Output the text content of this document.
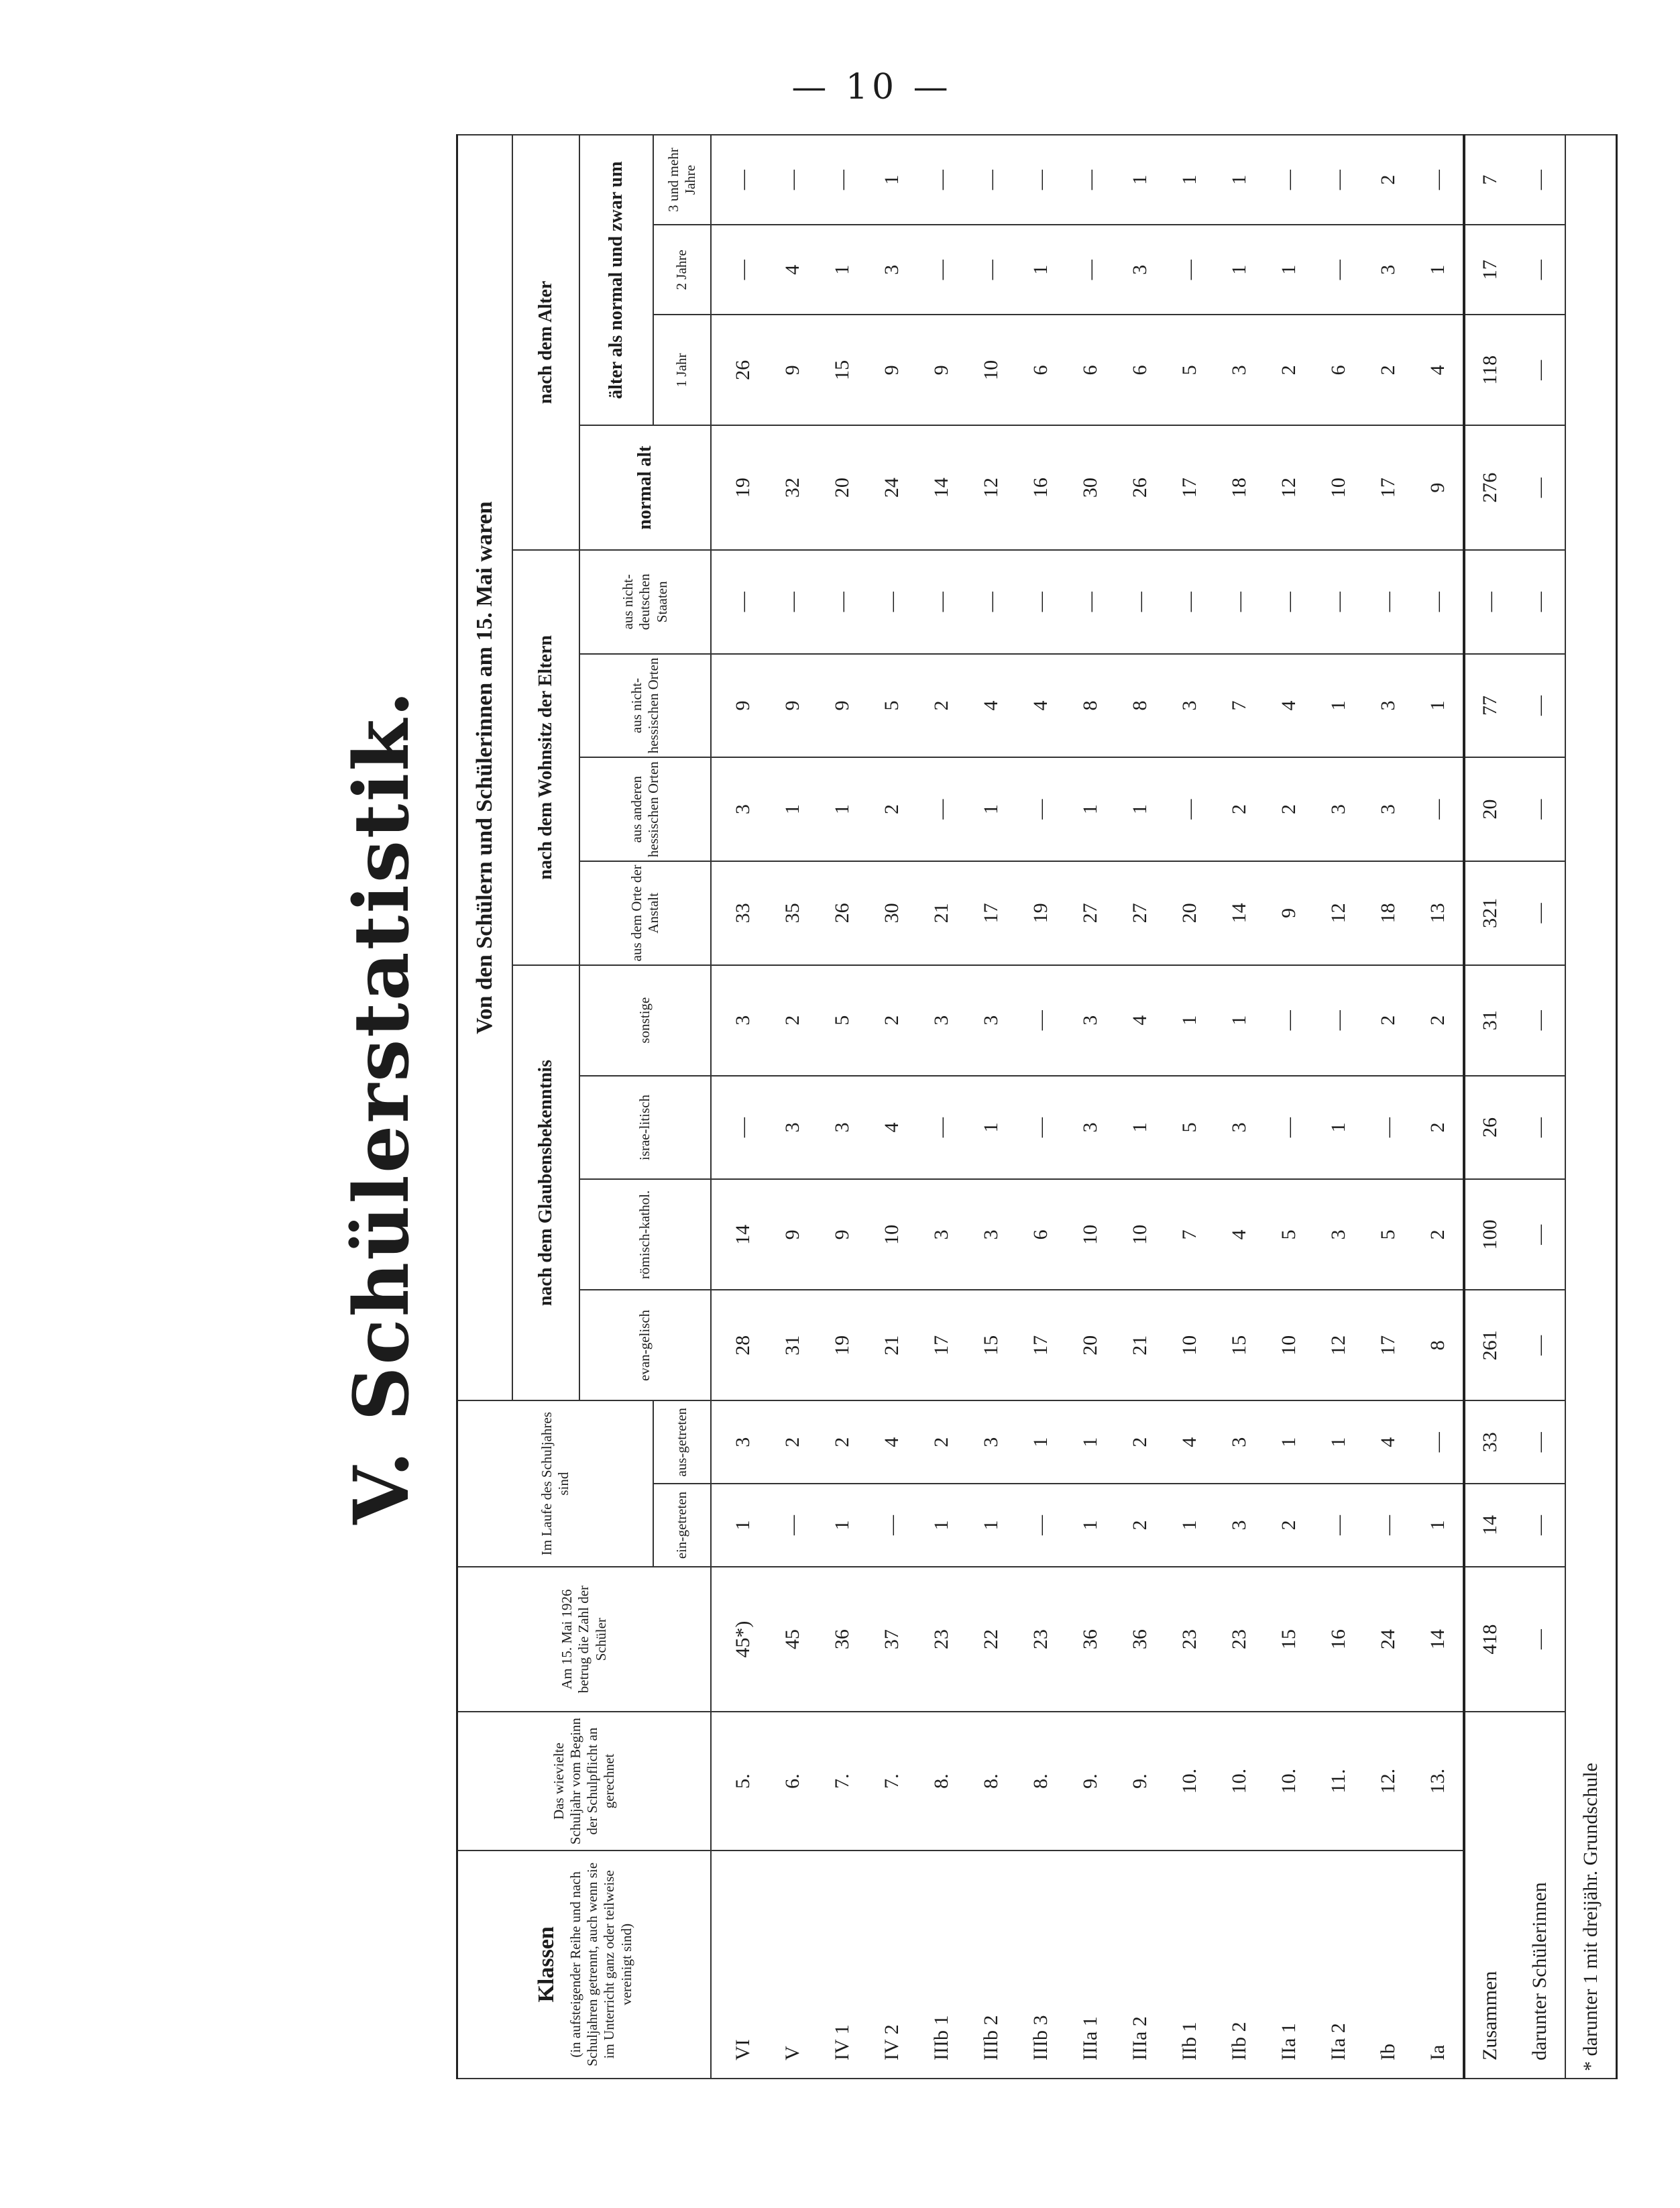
— 10 —
V. Schülerstatistik.
Klassen (in aufsteigender Reihe und nach Schuljahren getrennt, auch wenn sie im Unterricht ganz oder teilweise vereinigt sind)	Das wievielte Schuljahr vom Beginn der Schulpflicht an gerechnet	Am 15. Mai 1926 betrug die Zahl der Schüler	Im Laufe des Schuljahres sind		Von den Schülern und Schülerinnen am 15. Mai waren											
					nach dem Glaubensbekenntnis				nach dem Wohnsitz der Eltern				nach dem Alter			
					evan-gelisch	römisch-kathol.	israe-litisch	sonstige	aus dem Orte der Anstalt	aus anderen hessischen Orten	aus nicht-hessischen Orten	aus nicht-deutschen Staaten	normal alt	älter als normal und zwar um		
			ein-getreten	aus-getreten										1 Jahr	2 Jahre	3 und mehr Jahre
VI	5.	45*)	1	3	28	14	—	3	33	3	9	—	19	26	—	—
V	6.	45	—	2	31	9	3	2	35	1	9	—	32	9	4	—
IV 1	7.	36	1	2	19	9	3	5	26	1	9	—	20	15	1	—
IV 2	7.	37	—	4	21	10	4	2	30	2	5	—	24	9	3	1
IIIb 1	8.	23	1	2	17	3	—	3	21	—	2	—	14	9	—	—
IIIb 2	8.	22	1	3	15	3	1	3	17	1	4	—	12	10	—	—
IIIb 3	8.	23	—	1	17	6	—	—	19	—	4	—	16	6	1	—
IIIa 1	9.	36	1	1	20	10	3	3	27	1	8	—	30	6	—	—
IIIa 2	9.	36	2	2	21	10	1	4	27	1	8	—	26	6	3	1
IIb 1	10.	23	1	4	10	7	5	1	20	—	3	—	17	5	—	1
IIb 2	10.	23	3	3	15	4	3	1	14	2	7	—	18	3	1	1
IIa 1	10.	15	2	1	10	5	—	—	9	2	4	—	12	2	1	—
IIa 2	11.	16	—	1	12	3	1	—	12	3	1	—	10	6	—	—
Ib	12.	24	—	4	17	5	—	2	18	3	3	—	17	2	3	2
Ia	13.	14	1	—	8	2	2	2	13	—	1	—	9	4	1	—
Zusammen		418	14	33	261	100	26	31	321	20	77	—	276	118	17	7
darunter Schülerinnen		—	—	—	—	—	—	—	—	—	—	—	—	—	—	—
* darunter 1 mit dreijähr. Grundschule																
